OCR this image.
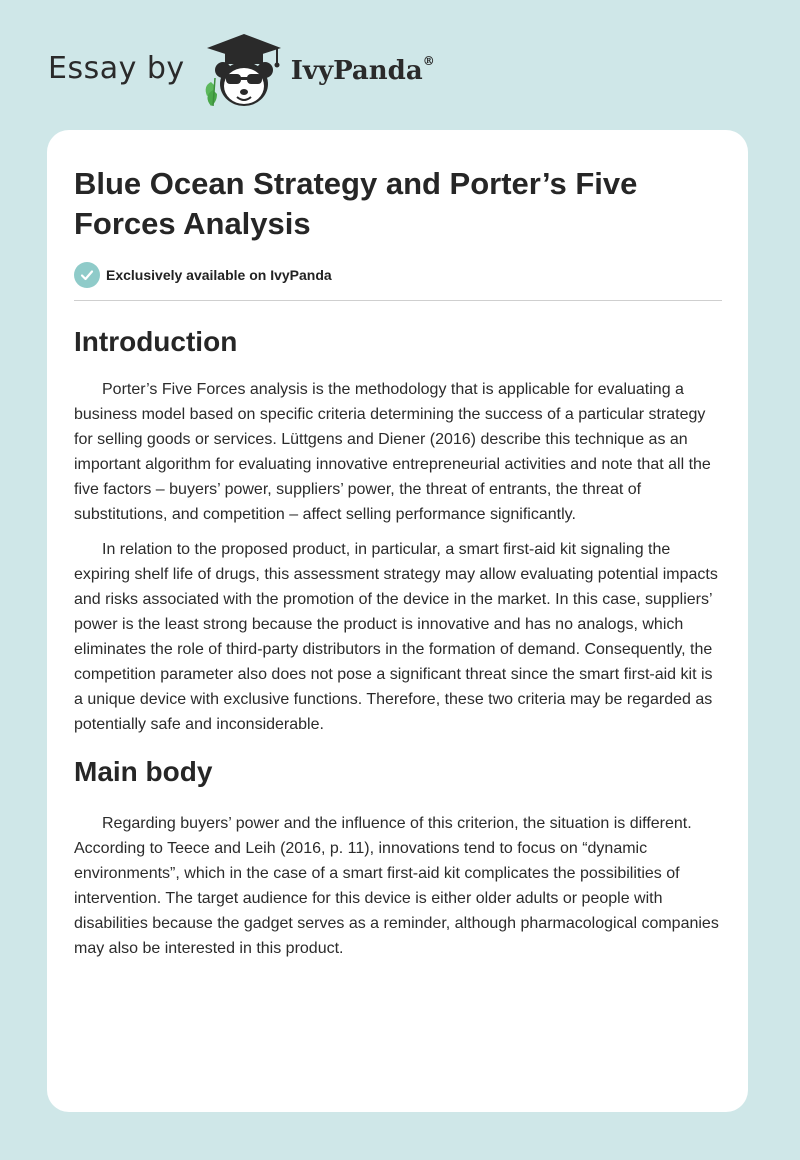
Essay by	IvyPanda®
Blue Ocean Strategy and Porter’s Five Forces Analysis
Exclusively available on IvyPanda
Introduction

Porter’s Five Forces analysis is the methodology that is applicable for evaluating a business model based on specific criteria determining the success of a particular strategy for selling goods or services. Lüttgens and Diener (2016) describe this technique as an important algorithm for evaluating innovative entrepreneurial activities and note that all the five factors – buyers’ power, suppliers’ power, the threat of entrants, the threat of substitutions, and competition – affect selling performance significantly.

In relation to the proposed product, in particular, a smart first-aid kit signaling the expiring shelf life of drugs, this assessment strategy may allow evaluating potential impacts and risks associated with the promotion of the device in the market. In this case, suppliers’ power is the least strong because the product is innovative and has no analogs, which eliminates the role of third-party distributors in the formation of demand. Consequently, the competition parameter also does not pose a significant threat since the smart first-aid kit is a unique device with exclusive functions. Therefore, these two criteria may be regarded as potentially safe and inconsiderable.

Main body

Regarding buyers’ power and the influence of this criterion, the situation is different. According to Teece and Leih (2016, p. 11), innovations tend to focus on “dynamic environments”, which in the case of a smart first-aid kit complicates the possibilities of intervention. The target audience for this device is either older adults or people with disabilities because the gadget serves as a reminder, although pharmacological companies may also be interested in this product.
